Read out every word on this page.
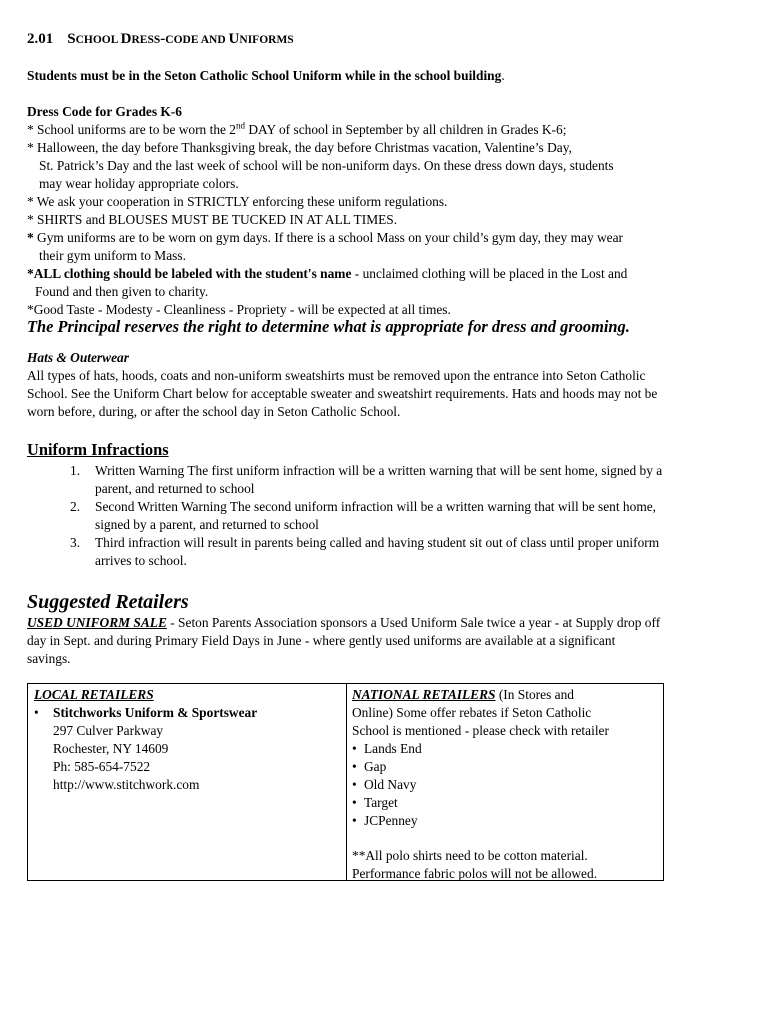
2.01 SCHOOL DRESS-CODE AND UNIFORMS
Students must be in the Seton Catholic School Uniform while in the school building.
Dress Code for Grades K-6
* School uniforms are to be worn the 2nd DAY of school in September by all children in Grades K-6;
* Halloween, the day before Thanksgiving break, the day before Christmas vacation, Valentine’s Day,
St. Patrick’s Day and the last week of school will be non-uniform days. On these dress down days, students
may wear holiday appropriate colors.
* We ask your cooperation in STRICTLY enforcing these uniform regulations.
* SHIRTS and BLOUSES MUST BE TUCKED IN AT ALL TIMES.
* Gym uniforms are to be worn on gym days. If there is a school Mass on your child’s gym day, they may wear
their gym uniform to Mass.
*ALL clothing should be labeled with the student's name - unclaimed clothing will be placed in the Lost and
Found and then given to charity.
*Good Taste - Modesty - Cleanliness - Propriety - will be expected at all times.
The Principal reserves the right to determine what is appropriate for dress and grooming.
Hats & Outerwear
All types of hats, hoods, coats and non-uniform sweatshirts must be removed upon the entrance into Seton Catholic
School. See the Uniform Chart below for acceptable sweater and sweatshirt requirements. Hats and hoods may not be
worn before, during, or after the school day in Seton Catholic School.
Uniform Infractions
1. Written Warning The first uniform infraction will be a written warning that will be sent home, signed by a
parent, and returned to school
2. Second Written Warning The second uniform infraction will be a written warning that will be sent home,
signed by a parent, and returned to school
3. Third infraction will result in parents being called and having student sit out of class until proper uniform
arrives to school.
Suggested Retailers
USED UNIFORM SALE - Seton Parents Association sponsors a Used Uniform Sale twice a year - at Supply drop off
day in Sept. and during Primary Field Days in June - where gently used uniforms are available at a significant
savings.
LOCAL RETAILERS
• Stitchworks Uniform & Sportswear
297 Culver Parkway
Rochester, NY 14609
Ph: 585-654-7522
http://www.stitchwork.com

NATIONAL RETAILERS (In Stores and
Online) Some offer rebates if Seton Catholic
School is mentioned - please check with retailer
• Lands End
• Gap
• Old Navy
• Target
• JCPenney
**All polo shirts need to be cotton material.
Performance fabric polos will not be allowed.
